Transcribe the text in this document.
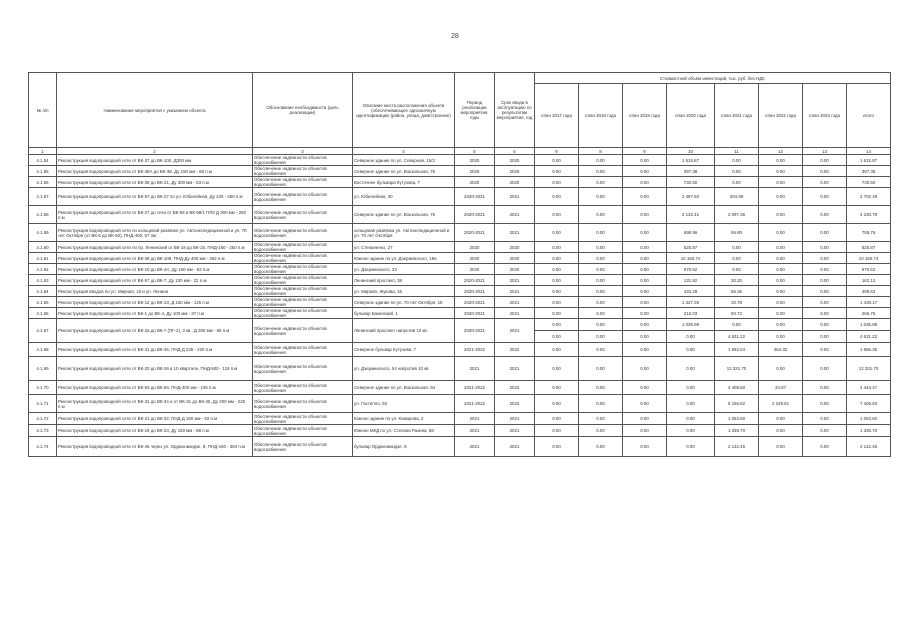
28
№ п/п	Наименование мероприятия с указанием объекта	Обоснование необходимости (цель реализации)	Описание места расположения объекта (обеспечивающее однозначную идентификацию (район, улица, дом/строение)	Период реализации мероприятия, годы	Срок ввода в эксплуатацию по результатам мероприятия, год	Стоимостной объём инвестиций, тыс. руб. без НДС							
						план 2017 года	план 2018 года	план 2019 года	план 2020 года	план 2021 года	план 2022 года	план 2023 года	итого
1	2	3	4	5	6	9	8	9	10	11	12	13	14
4.1.54	Реконструкция водопроводной сети от ВК-37 до ВК-100, Д300 мм	Обеспечение надёжности объектов водоснабжения	Северное здание по ул. Северная, 15/2	2020	2020	0.00	0.00	0.00	1 615.87	0.00	0.00	0.00	1 615.87
4.1.55	Реконструкция водопроводной сети от ВК-39А до ВК-38, Ду 150 мм - 68 п.м	Обеспечение надёжности объектов водоснабжения	Северное здание по ул. Вокзальная, 76	2020	2020	0.00	0.00	0.00	397.38	0.00	0.00	0.00	397.38
4.1.56	Реконструкция водопроводной сети от ВК-39 до ВК-21, Ду 300 мм - 63 п.м	Обеспечение надёжности объектов водоснабжения	Восточнее бульвара Кутузова, 7	2020	2020	0.00	0.00	0.00	730.50	0.00	0.00	0.00	730.50
4.1.57	Реконструкция водопроводной сети от ВК-57 до ВК-27 по ул. Юбилейная, Ду 225 - 250 п.м	Обеспечение надёжности объектов водоснабжения	ул. Юбилейная, 30	2020-2021	2021	0.00	0.00	0.00	2 497.60	204.89	0.00	0.00	2 702.49
4.1.58	Реконструкция водопроводной сети от ВК-27 до сети от ВК-59 и ВК-58/1 ПЛЗ Д 300 мм - 260 п.м	Обеспечение надёжности объектов водоснабжения	Северное здание по ул. Вокзальная, 76	2020-2021	2021	0.00	0.00	0.00	2 132.41	2 097.36	0.00	0.00	4 230.78
4.1.59	Реконструкция водопроводной сети по кольцевой развязке ул. Автоэкспедиционной и ул. 70 лет Октября (от ВК-5 до ВК-60), ПНД-400, 57 пм	Обеспечение надёжности объектов водоснабжения	кольцевая развязка ул. Автоэкспедиционной и ул. 70 лет Октября	2020-2021	2021	0.00	0.00	0.00	698.96	56.80	0.00	0.00	755.76
4.1.60	Реконструкция водопроводной сети по пр. Ленинский от ВК-18 до ВК-15, ПНД-160 - 250 п.м	Обеспечение надёжности объектов водоснабжения	ул. Степаненко, 27	2020	2020	0.00	0.00	0.00	525.87	0.00	0.00	0.00	525.87
4.1.61	Реконструкция водопроводной сети от ВК-39 до ВК-109, ПНД-Ду 400 мм - 462 п.м	Обеспечение надёжности объектов водоснабжения	Южное здание по ул. Дзержинского, 19а	2020	2020	0.00	0.00	0.00	10 160.74	0.00	0.00	0.00	10 160.74
4.1.62	Реконструкция водопроводной сети от ВК-10 до ВК-4А, Ду 150 мм - 82 п.м	Обеспечение надёжности объектов водоснабжения	ул. Дзержинского, 33	2020	2020	0.00	0.00	0.00	570.62	0.00	0.00	0.00	570.62
4.1.63	Реконструкция водопроводной сети от ВК-57 до ВК-7, Ду 100 мм - 22 п.м	Обеспечение надёжности объектов водоснабжения	Ленинский проспект, 38	2020-2021	2021	0.00	0.00	0.00	131.92	30.20	0.00	0.00	162.12
4.1.64	Реконструкция вводов по ул. Мирная, 15 и ул. Ленина	Обеспечение надёжности объектов водоснабжения	ул. Мирная, Жукова, 15	2020-2021	2021	0.00	0.00	0.00	433.28	66.35	0.00	0.00	499.63
4.1.65	Реконструкция водопроводной сети от ВК-12 до ВК-13, Д 150 мм - 125 п.м	Обеспечение надёжности объектов водоснабжения	Северное здание по ул. 70 лет Октября, 15	2020-2021	2021	0.00	0.00	0.00	1 427.39	10.78	0.00	0.00	1 438.17
4.1.66	Реконструкция водопроводной сети от ВК-1 до ВК-4, Ду 100 мм - 37 п.м	Обеспечение надёжности объектов водоснабжения	бульвар Бакинский, 1	2020-2021	2021	0.00	0.00	0.00	215.03	50.72	0.00	0.00	265.75
4.1.67	Реконструкция водопроводной сети от ВК-2а до ВК-7 (ПГ-2), 3 кв., Д 300 мм - 65 п.м	Обеспечение надёжности объектов водоснабжения	Ленинский проспект напротив 10 кв.	2020-2021	2021	0.00	0.00	0.00	1 035.98	0.00	0.00	0.00	1 035.98
						0.00	0.00	0.00	0.00	4 631.22	0.00	0.00	4 631.22
4.1.68	Реконструкция водопроводной сети от ВК-31 до ВК-45, ПНД Д 225 - 220 п.м	Обеспечение надёжности объектов водоснабжения	Северное бульвар Кутузова, 7	2021-2022	2022	0.00	0.00	0.00	0.00	1 592.04	364.32	0.00	1 956.36
4.1.69	Реконструкция водопроводной сети от ВК-20 до ВК-26 в 10 квартале, ПНД-500 - 119 п.м	Обеспечение надёжности объектов водоснабжения	ул. Дзержинского, 54 напротив 10 кв.	2021	2021	0.00	0.00	0.00	0.00	12 331.70	0.00	0.00	12 331.70
4.1.70	Реконструкция водопроводной сети от ВК-93 до ВК-59, ПНД-400 мм - 105 п.м	Обеспечение надёжности объектов водоснабжения	Северное здание по ул. Вокзальная, 94	2021-2022	2022	0.00	0.00	0.00	0.00	4 408.60	34.87	0.00	4 443.47
4.1.71	Реконструкция водопроводной сети от ВК-31 до ВК-34 и от ВК-31 до ВК-40, Ду 200 мм - 225 п.м	Обеспечение надёжности объектов водоснабжения	ул. Гастелло, 50	2021-2022	2022	0.00	0.00	0.00	0.00	5 156.82	2 249.81	0.00	7 406.63
4.1.72	Реконструкция водопроводной сети от ВК-21 до ВК-32, ПНД Д 160 мм - 92 п.м	Обеспечение надёжности объектов водоснабжения	Южное здание по ул. Комарова, 2	2021	2021	0.00	0.00	0.00	0.00	1 053.60	0.00	0.00	1 053.60
4.1.73	Реконструкция водопроводной сети от ВК-19 до ВК-23, Ду 150 мм - 88 п.м	Обеспечение надёжности объектов водоснабжения	Южное МКД по ул. Степана Разина, 68	2021	2021	0.00	0.00	0.00	0.00	1 336.70	0.00	0.00	1 336.70
4.1.74	Реконструкция водопроводной сети от ВК-45 через ул. Орджоникидзе, 8, ПНД-160 - 384 п.м	Обеспечение надёжности объектов водоснабжения	бульвар Орджоникидзе, 8	2021	2021	0.00	0.00	0.00	0.00	2 142.45	0.00	0.00	2 142.45
